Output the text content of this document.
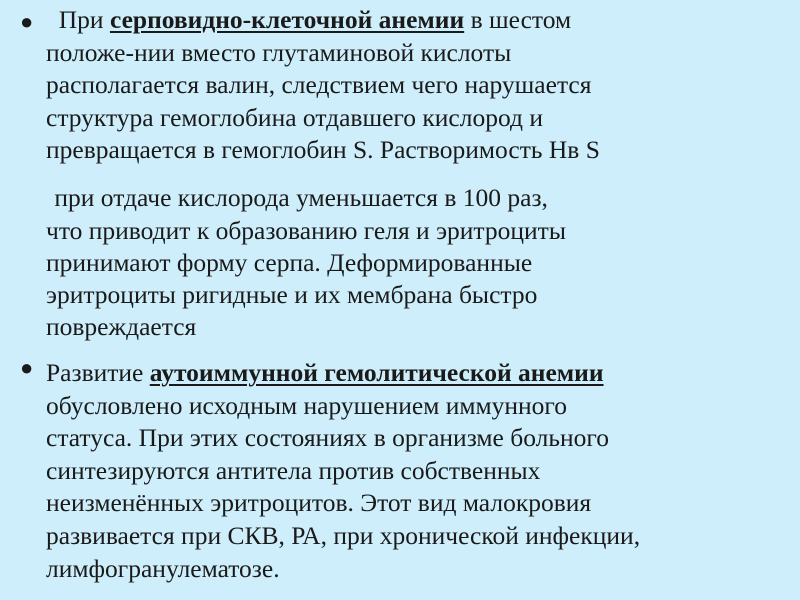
● При серповидно-клеточной анемии в шестом
положе-нии вместо глутаминовой кислоты
располагается валин, следствием чего нарушается
структура гемоглобина отдавшего кислород и
превращается в гемоглобин S. Растворимость Нв S
при отдаче кислорода уменьшается в 100 раз,
что приводит к образованию геля и эритроциты
принимают форму серпа. Деформированные
эритроциты ригидные и их мембрана быстро
повреждается
● Развитие аутоиммунной гемолитической анемии
обусловлено исходным нарушением иммунного
статуса. При этих состояниях в организме больного
синтезируются антитела против собственных
неизменённых эритроцитов. Этот вид малокровия
развивается при СКВ, РА, при хронической инфекции,
лимфогранулематозе.
